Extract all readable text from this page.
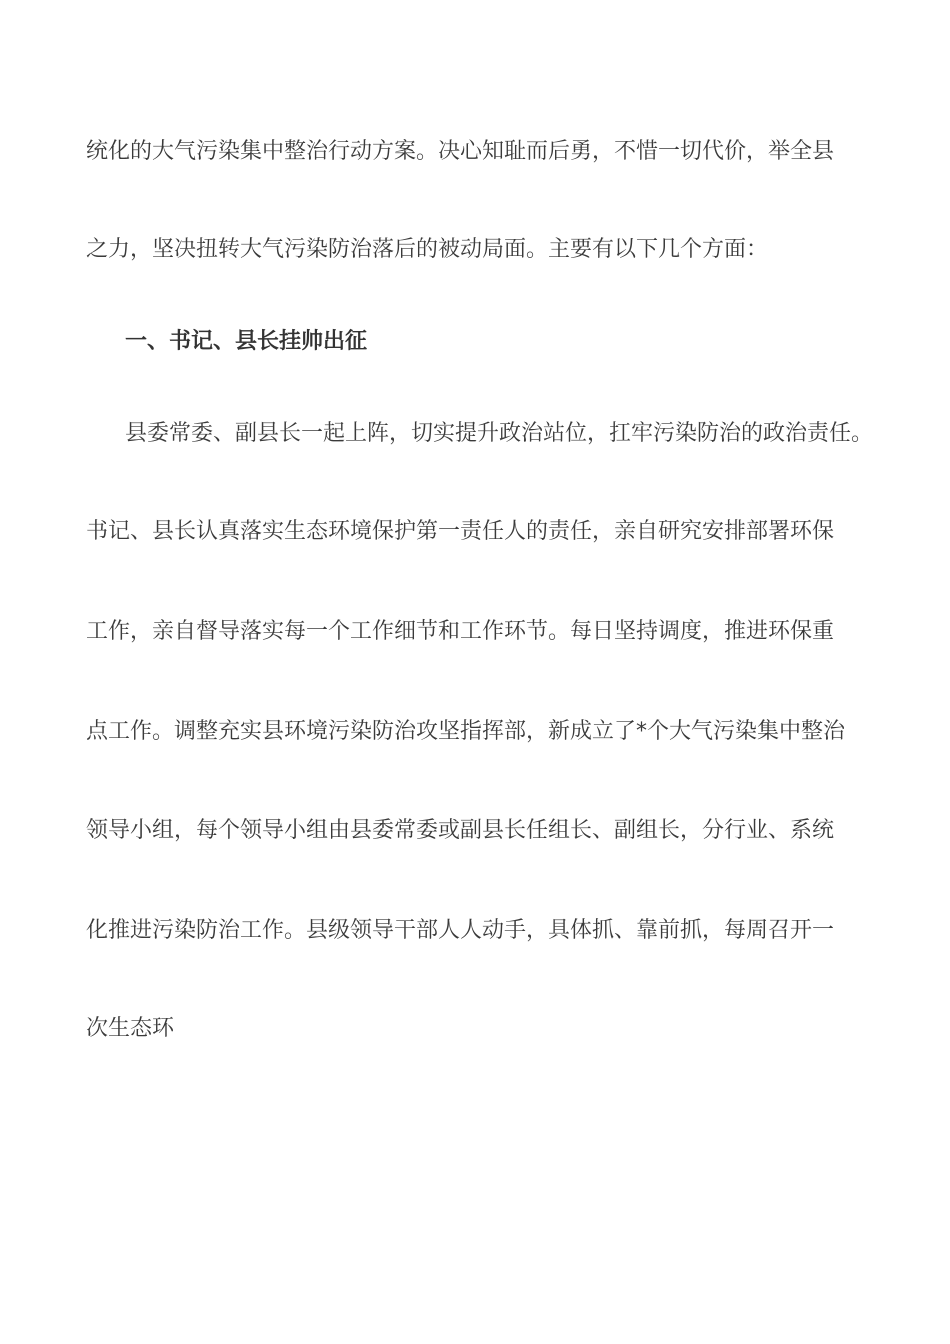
统化的大气污染集中整治行动方案。决心知耻而后勇，不惜一切代价，举全县
之力，坚决扭转大气污染防治落后的被动局面。主要有以下几个方面：
一、书记、县长挂帅出征
县委常委、副县长一起上阵，切实提升政治站位，扛牢污染防治的政治责任。
书记、县长认真落实生态环境保护第一责任人的责任，亲自研究安排部署环保
工作，亲自督导落实每一个工作细节和工作环节。每日坚持调度，推进环保重
点工作。调整充实县环境污染防治攻坚指挥部，新成立了*个大气污染集中整治
领导小组，每个领导小组由县委常委或副县长任组长、副组长，分行业、系统
化推进污染防治工作。县级领导干部人人动手，具体抓、靠前抓，每周召开一
次生态环
